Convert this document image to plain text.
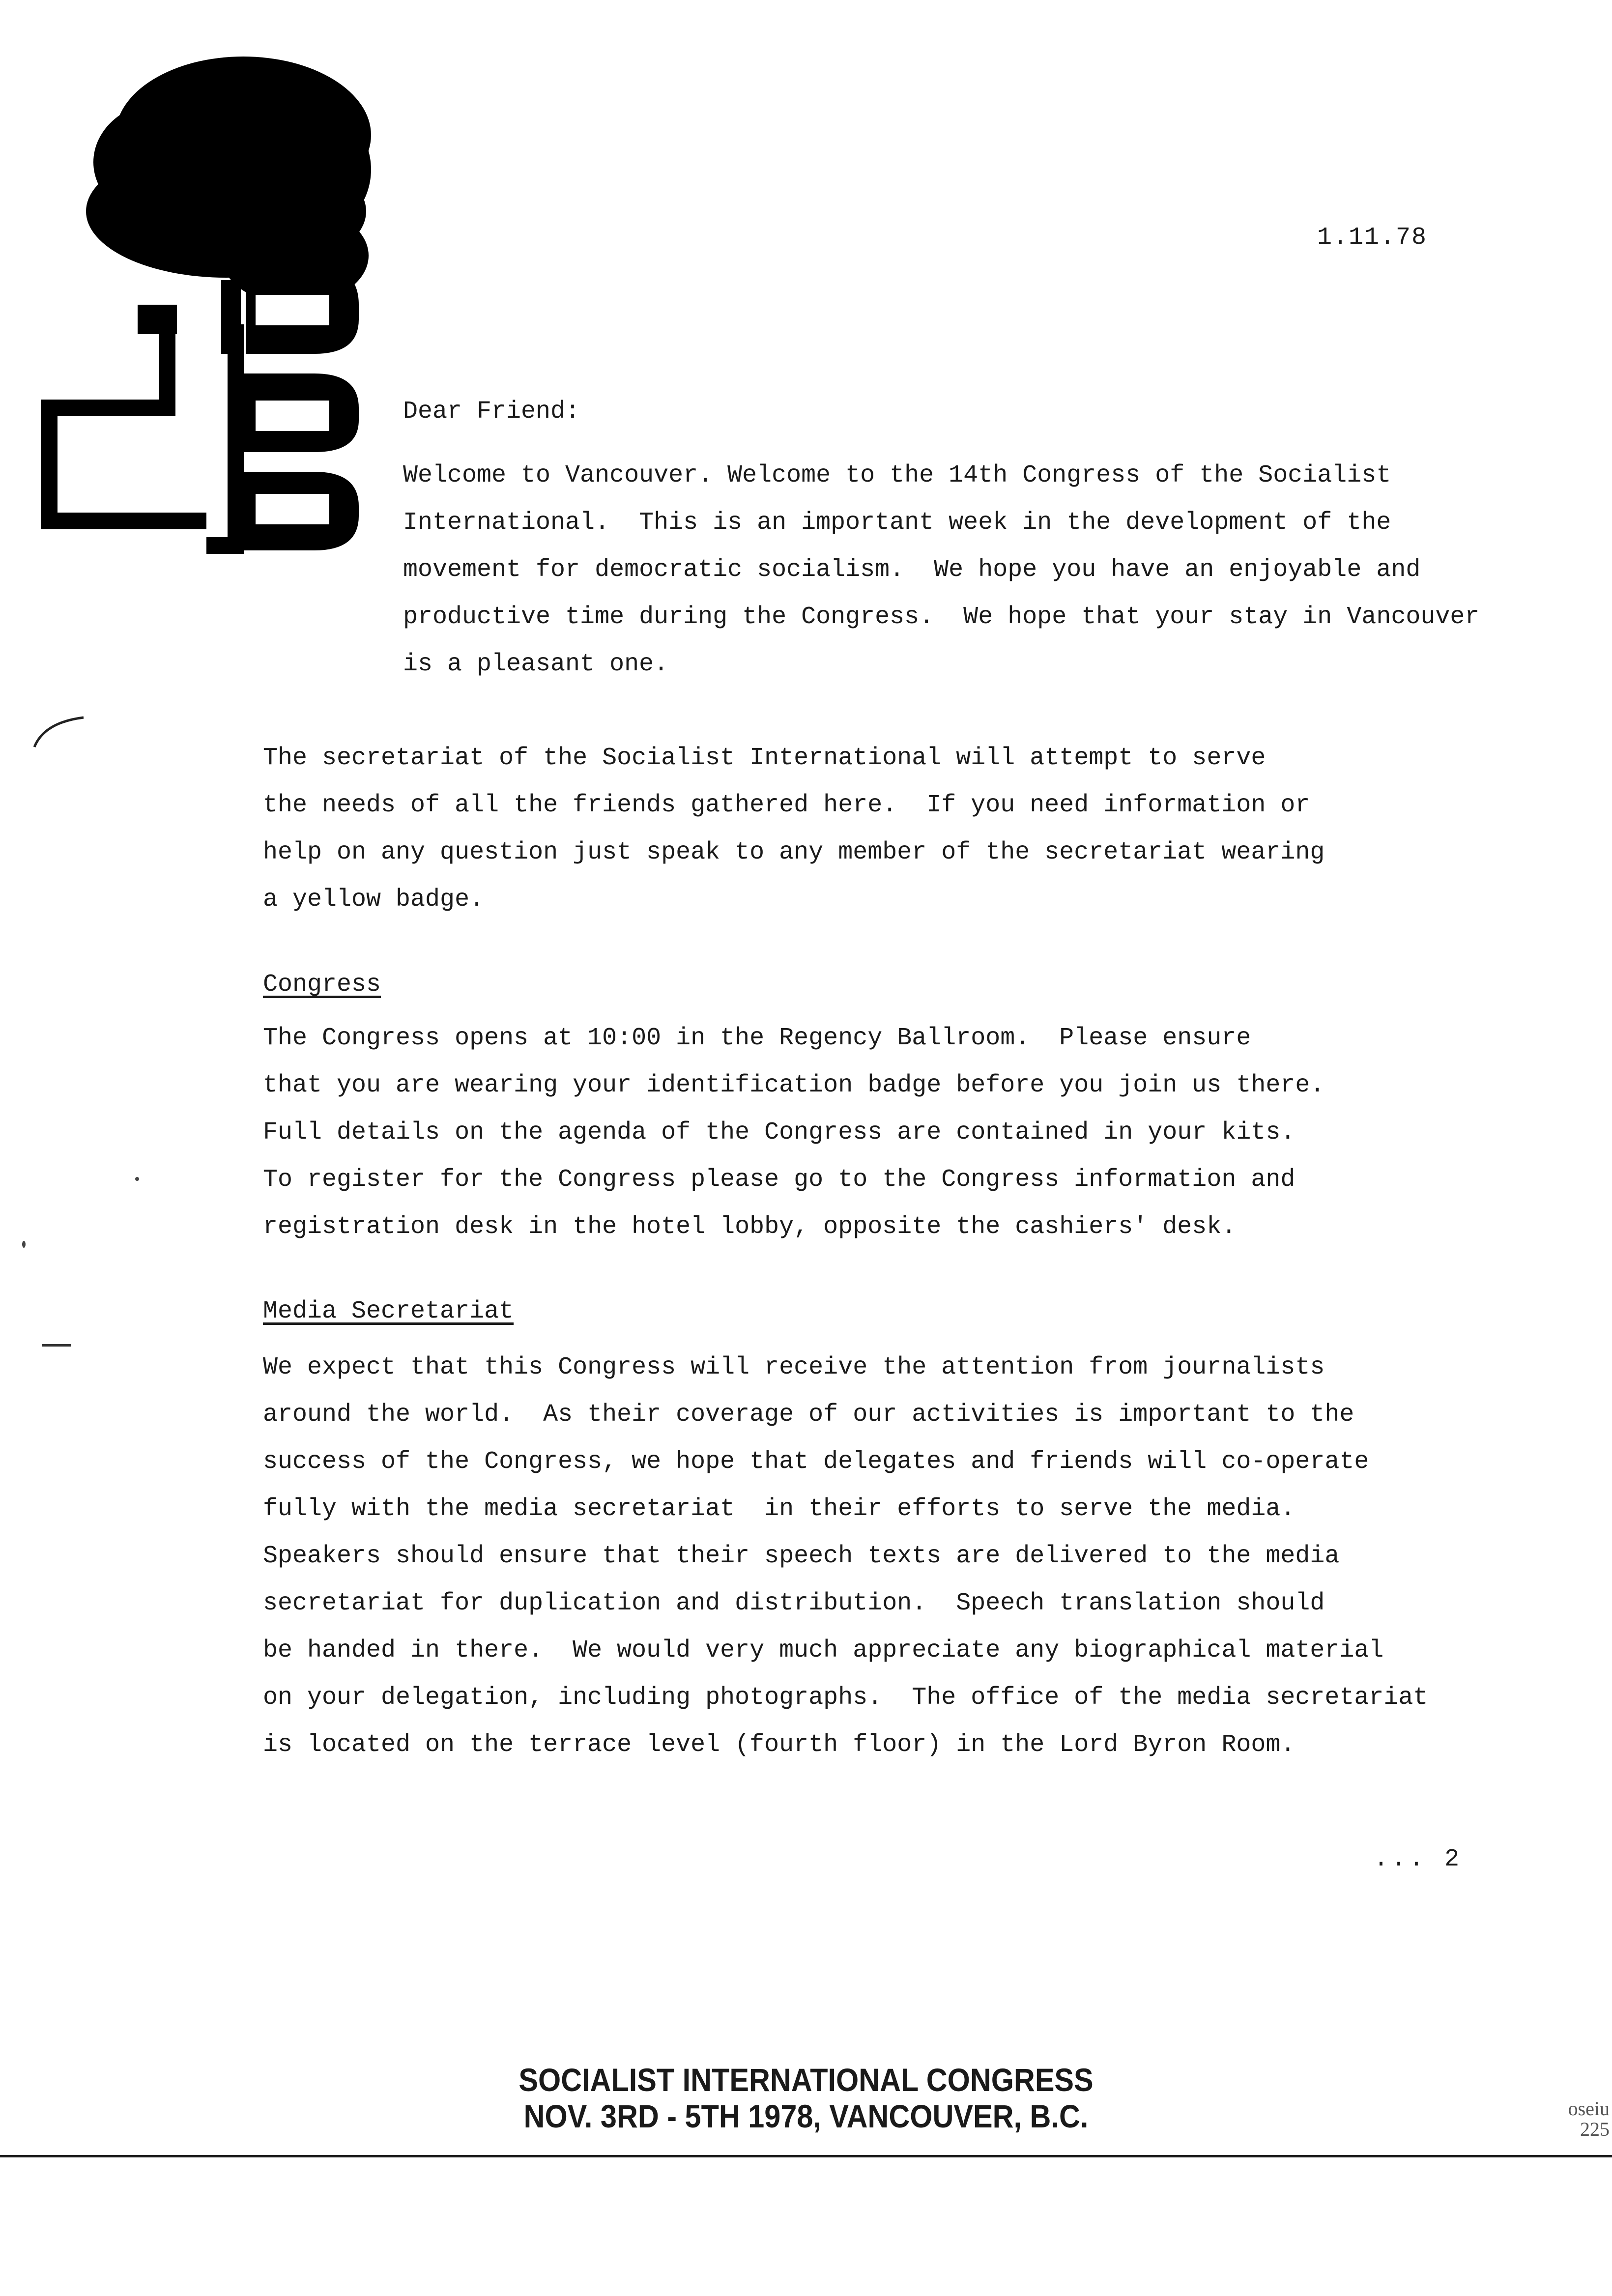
1.11.78
Dear Friend:
Welcome to Vancouver. Welcome to the 14th Congress of the Socialist
International.  This is an important week in the development of the
movement for democratic socialism.  We hope you have an enjoyable and
productive time during the Congress.  We hope that your stay in Vancouver
is a pleasant one.
The secretariat of the Socialist International will attempt to serve
the needs of all the friends gathered here.  If you need information or
help on any question just speak to any member of the secretariat wearing
a yellow badge.
Congress
The Congress opens at 10:00 in the Regency Ballroom.  Please ensure
that you are wearing your identification badge before you join us there.
Full details on the agenda of the Congress are contained in your kits.
To register for the Congress please go to the Congress information and
registration desk in the hotel lobby, opposite the cashiers' desk.
Media Secretariat
We expect that this Congress will receive the attention from journalists
around the world.  As their coverage of our activities is important to the
success of the Congress, we hope that delegates and friends will co-operate
fully with the media secretariat  in their efforts to serve the media.
Speakers should ensure that their speech texts are delivered to the media
secretariat for duplication and distribution.  Speech translation should
be handed in there.  We would very much appreciate any biographical material
on your delegation, including photographs.  The office of the media secretariat
is located on the terrace level (fourth floor) in the Lord Byron Room.
... 2
SOCIALIST INTERNATIONAL CONGRESS
NOV. 3RD - 5TH 1978, VANCOUVER, B.C.	oseiu
225
